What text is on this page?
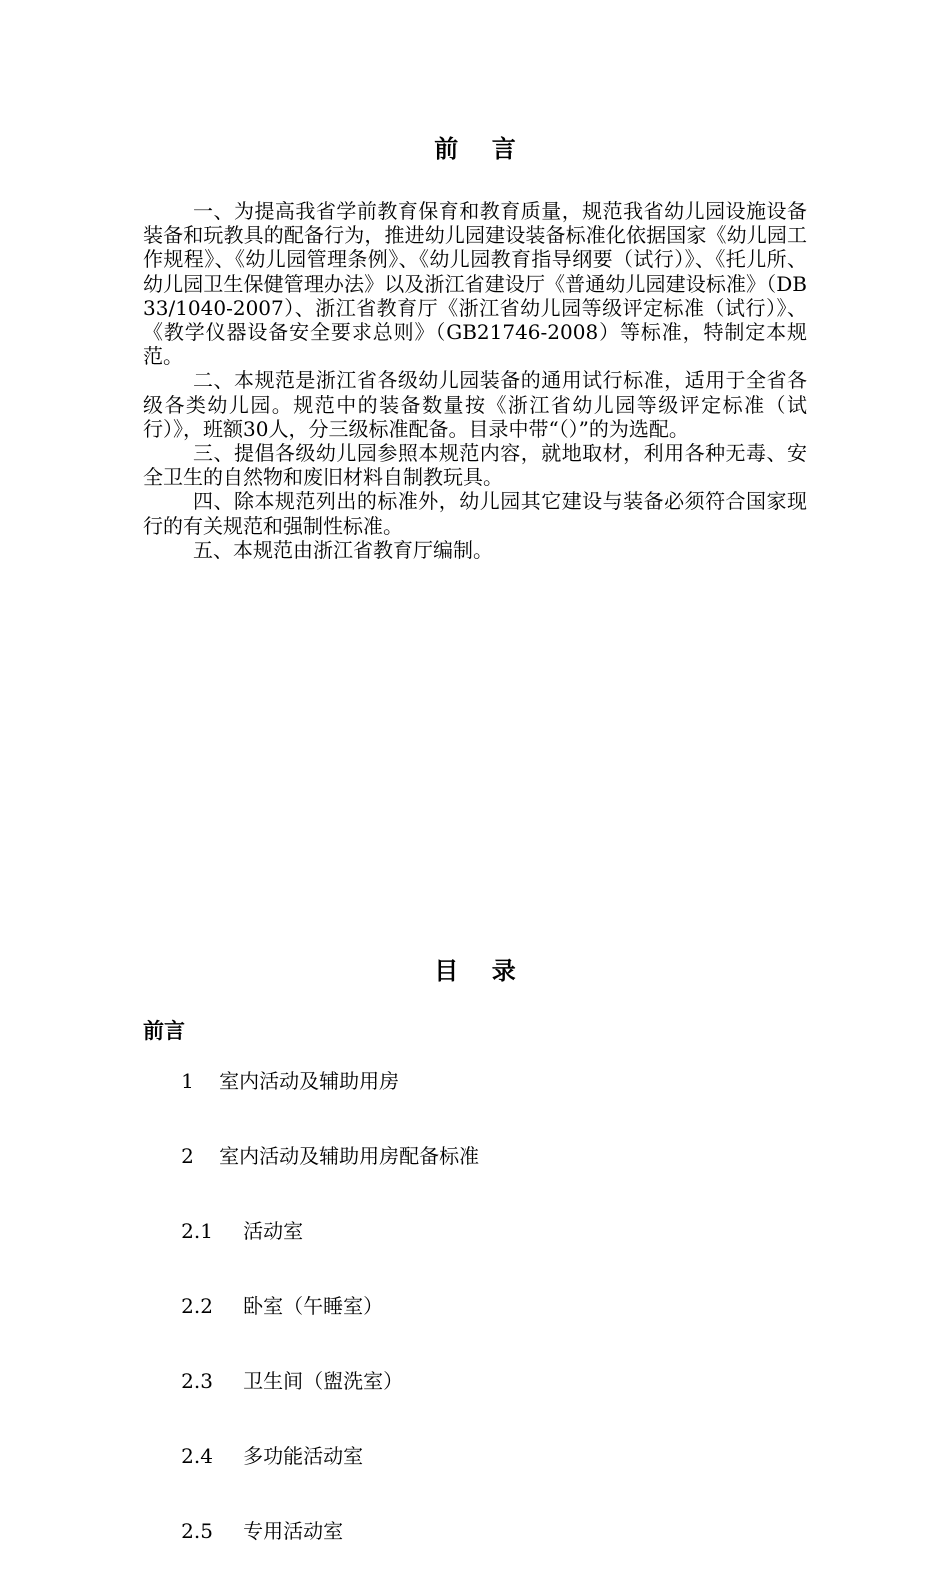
前    言

一、为提高我省学前教育保育和教育质量，规范我省幼儿园设施设备装备和玩教具的配备行为，推进幼儿园建设装备标准化依据国家《幼儿园工作规程》、《幼儿园管理条例》、《幼儿园教育指导纲要（试行）》、《托儿所、幼儿园卫生保健管理办法》以及浙江省建设厅《普通幼儿园建设标准》（DB33/1040-2007）、浙江省教育厅《浙江省幼儿园等级评定标准（试行）》、《教学仪器设备安全要求总则》（GB21746-2008）等标准，特制定本规范。

二、本规范是浙江省各级幼儿园装备的通用试行标准，适用于全省各级各类幼儿园。规范中的装备数量按《浙江省幼儿园等级评定标准（试行）》，班额30人，分三级标准配备。目录中带“（）”的为选配。

三、提倡各级幼儿园参照本规范内容，就地取材，利用各种无毒、安全卫生的自然物和废旧材料自制教玩具。

四、除本规范列出的标准外，幼儿园其它建设与装备必须符合国家现行的有关规范和强制性标准。

五、本规范由浙江省教育厅编制。

目    录
前言

1 室内活动及辅助用房

2 室内活动及辅助用房配备标准

2.1 活动室

2.2 卧室（午睡室）

2.3 卫生间（盥洗室）

2.4 多功能活动室

2.5 专用活动室
